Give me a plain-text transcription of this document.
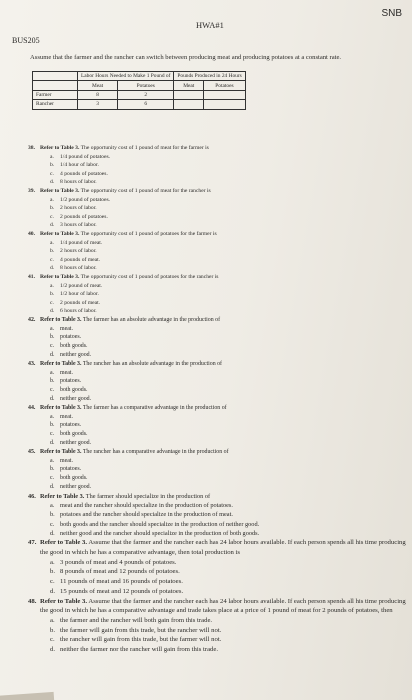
SNB
HWA#1
BUS205
Assume that the farmer and the rancher can switch between producing meat and producing potatoes at a constant rate.
	Labor Hours Needed to Make 1 Pound of		Pounds Produced in 24 Hours	
	Meat	Potatoes	Meat	Potatoes
Farmer	8	2		
Rancher	3	6		
38. Refer to Table 3. The opportunity cost of 1 pound of meat for the farmer is
a.	1/4 pound of potatoes.
b.	1/4 hour of labor.
c.	4 pounds of potatoes.
d.	8 hours of labor.
39. Refer to Table 3. The opportunity cost of 1 pound of meat for the rancher is
a.	1/2 pound of potatoes.
b.	2 hours of labor.
c.	2 pounds of potatoes.
d.	3 hours of labor.
40. Refer to Table 3. The opportunity cost of 1 pound of potatoes for the farmer is
a.	1/4 pound of meat.
b.	2 hours of labor.
c.	4 pounds of meat.
d.	8 hours of labor.
41. Refer to Table 3. The opportunity cost of 1 pound of potatoes for the rancher is
a.	1/2 pound of meat.
b.	1/2 hour of labor.
c.	2 pounds of meat.
d.	6 hours of labor.
42. Refer to Table 3. The farmer has an absolute advantage in the production of
a.	meat.
b. potatoes.
c.	both goods.
d. neither good.
43. Refer to Table 3. The rancher has an absolute advantage in the production of
a.	meat.
b. potatoes.
c.	both goods.
d. neither good.
44. Refer to Table 3. The farmer has a comparative advantage in the production of
a.	meat.
b. potatoes.
c.	both goods.
d. neither good.
45. Refer to Table 3. The rancher has a comparative advantage in the production of
a.	meat.
b. potatoes.
c.	both goods.
d. neither good.
46. Refer to Table 3. The farmer should specialize in the production of
a. meat and the rancher should specialize in the production of potatoes.
b. potatoes and the rancher should specialize in the production of meat.
c. both goods and the rancher should specialize in the production of neither good.
d. neither good and the rancher should specialize in the production of both goods.
47. Refer to Table 3. Assume that the farmer and the rancher each has 24 labor hours available. If each person spends all his time producing the good in which he has a comparative advantage, then total production is
a. 3 pounds of meat and 4 pounds of potatoes.
b. 8 pounds of meat and 12 pounds of potatoes.
c. 11 pounds of meat and 16 pounds of potatoes.
d. 15 pounds of meat and 12 pounds of potatoes.
48. Refer to Table 3. Assume that the farmer and the rancher each has 24 labor hours available. If each person spends all his time producing the good in which he has a comparative advantage and trade takes place at a price of 1 pound of meat for 2 pounds of potatoes, then
a. the farmer and the rancher will both gain from this trade.
b. the farmer will gain from this trade, but the rancher will not.
c. the rancher will gain from this trade, but the farmer will not.
d. neither the farmer nor the rancher will gain from this trade.
